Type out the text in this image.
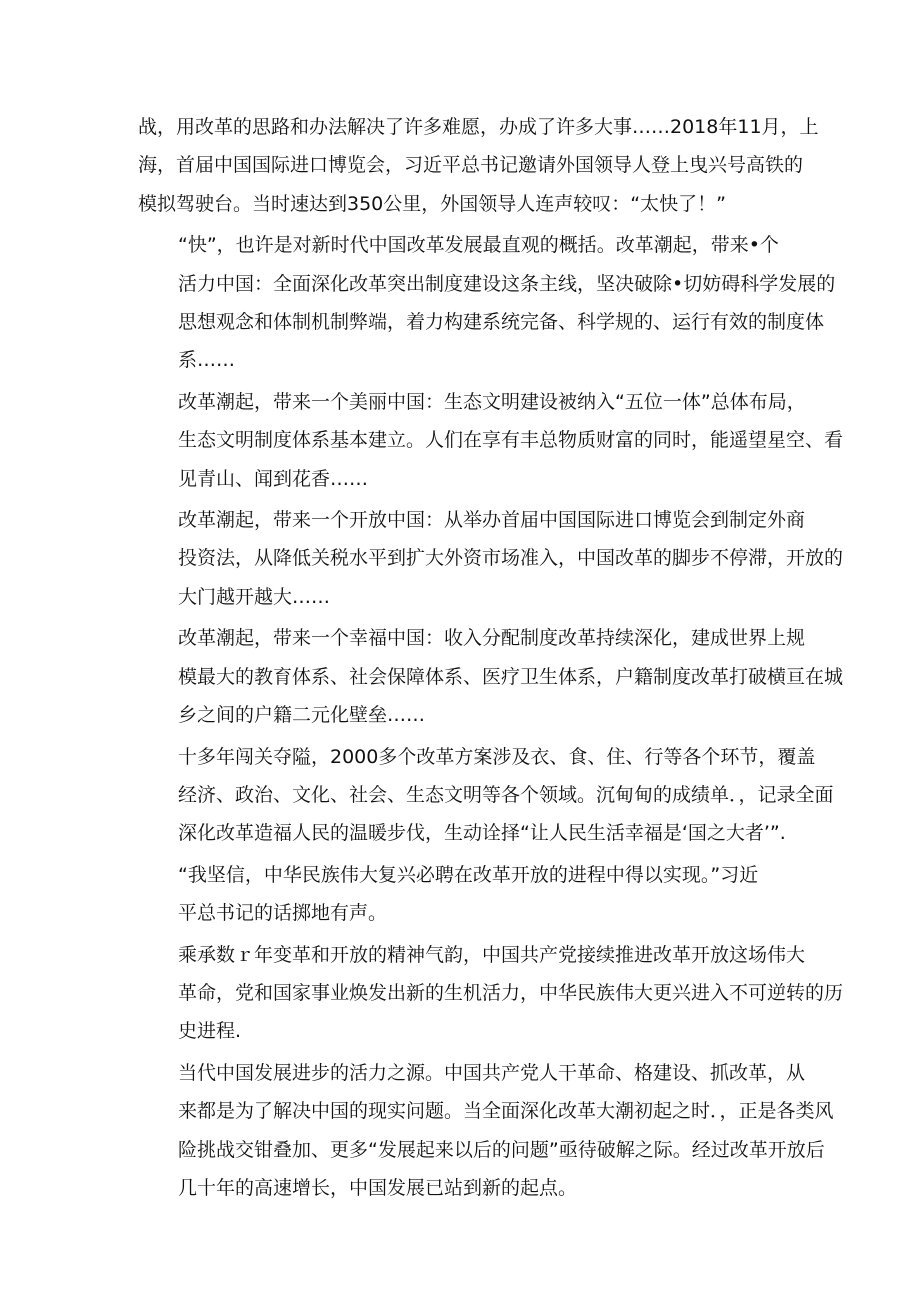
战，用改革的思路和办法解决了许多难愿，办成了许多大事……2018年11月，上
海，首届中国国际进口博览会，习近平总书记邀请外国领导人登上曳兴号高铁的
模拟驾驶台。当时速达到350公里，外国领导人连声较叹：“太快了！”

“快”，也许是对新时代中国改革发展最直观的概括。改革潮起，带来•个
活力中国：全面深化改革突出制度建设这条主线，坚决破除•切妨碍科学发展的
思想观念和体制机制弊端，着力构建系统完备、科学规的、运行有效的制度体
系……

改革潮起，带来一个美丽中国：生态文明建设被纳入“五位一体”总体布局，
生态文明制度体系基本建立。人们在享有丰总物质财富的同时，能遥望星空、看
见青山、闻到花香……

改革潮起，带来一个开放中国：从举办首届中国国际进口博览会到制定外商
投资法，从降低关税水平到扩大外资市场准入，中国改革的脚步不停滞，开放的
大门越开越大……

改革潮起，带来一个幸福中国：收入分配制度改革持续深化，建成世界上规
模最大的教育体系、社会保障体系、医疗卫生体系，户籍制度改革打破横亘在城
乡之间的户籍二元化壁垒……

十多年闯关夺隘，2000多个改革方案涉及衣、食、住、行等各个环节，覆盖
经济、政治、文化、社会、生态文明等各个领域。沉甸甸的成绩单．，记录全面
深化改革造福人民的温暖步伐，生动诠择“让人民生活幸福是‘国之大者’”.

“我坚信，中华民族伟大复兴必聘在改革开放的进程中得以实现。”习近
平总书记的话掷地有声。

乘承数ｒ年变革和开放的精神气韵，中国共产党接续推进改革开放这场伟大
革命，党和国家事业焕发出新的生机活力，中华民族伟大更兴进入不可逆转的历
史进程.

当代中国发展进步的活力之源。中国共产党人干革命、格建设、抓改革，从
来都是为了解决中国的现实问题。当全面深化改革大潮初起之时．，正是各类风
险挑战交钳叠加、更多“发展起来以后的问题”亟待破解之际。经过改革开放后
几十年的高速增长，中国发展已站到新的起点。
